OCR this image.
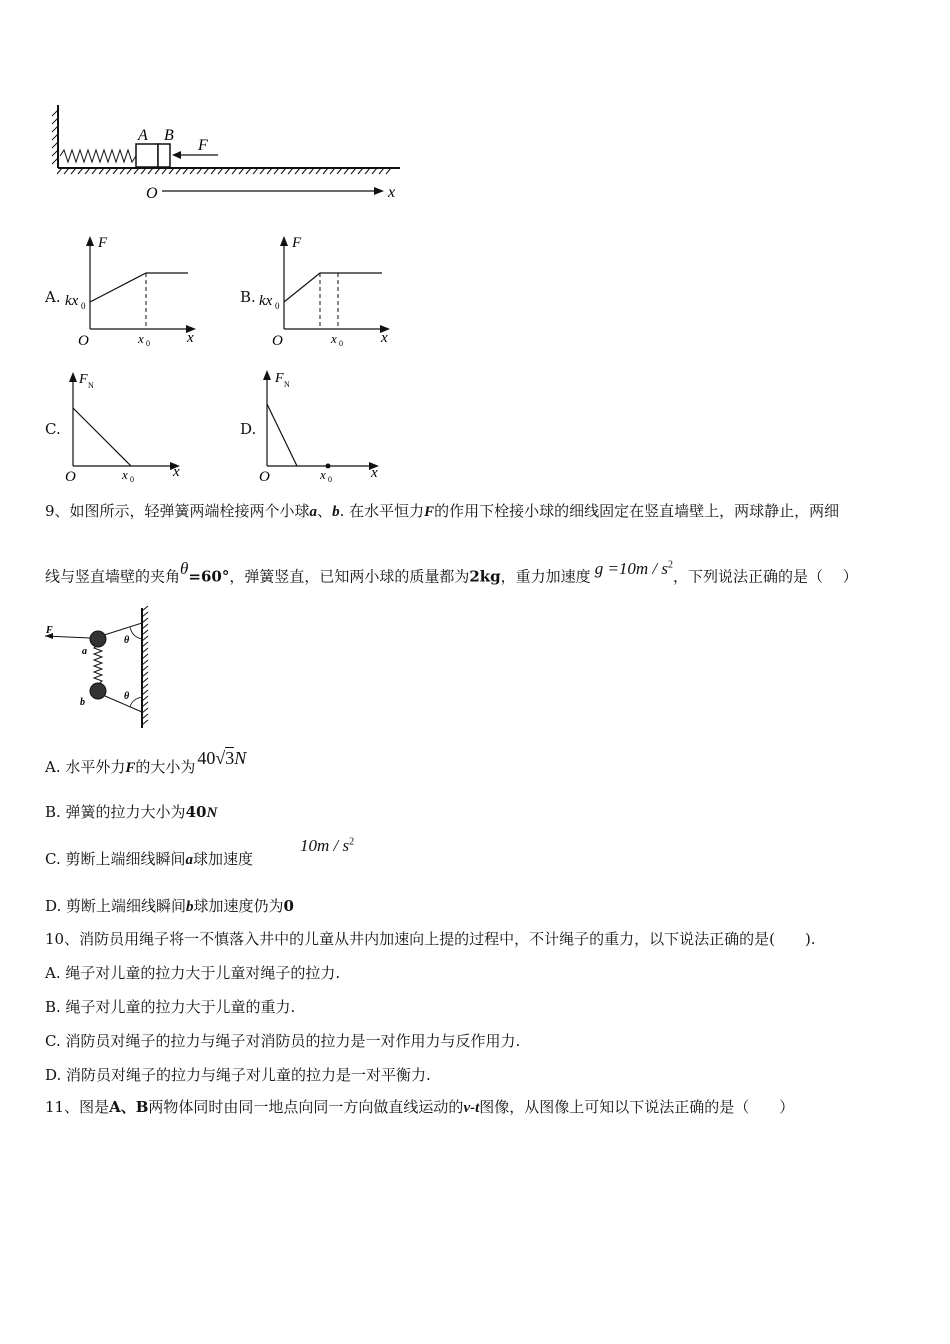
A B
F
O	x
A.
F
kx 0
O	x 0 x
B.
F
kx 0
O	x 0	x
C.
F N
O	x 0	x
D.
F N
O	x 0	x
9、如图所示，轻弹簧两端栓接两个小球a、b. 在水平恒力F的作用下栓接小球的细线固定在竖直墙壁上，两球静止，两细
线与竖直墙壁的夹角θ=60°，弹簧竖直，已知两小球的质量都为2kg，重力加速度 $g =10m / s^2$，下列说法正确的是（　 ）
θ
θ
F
a
b
A. 水平外力F的大小为 40√3N
B. 弹簧的拉力大小为40N
C. 剪断上端细线瞬间a球加速度
$10m / s^2$
D. 剪断上端细线瞬间b球加速度仍为0
10、消防员用绳子将一不慎落入井中的儿童从井内加速向上提的过程中，不计绳子的重力，以下说法正确的是(　　).
A. 绳子对儿童的拉力大于儿童对绳子的拉力.
B. 绳子对儿童的拉力大于儿童的重力.
C. 消防员对绳子的拉力与绳子对消防员的拉力是一对作用力与反作用力.
D. 消防员对绳子的拉力与绳子对儿童的拉力是一对平衡力.
11、图是A、B两物体同时由同一地点向同一方向做直线运动的v-t图像，从图像上可知以下说法正确的是（　　）
